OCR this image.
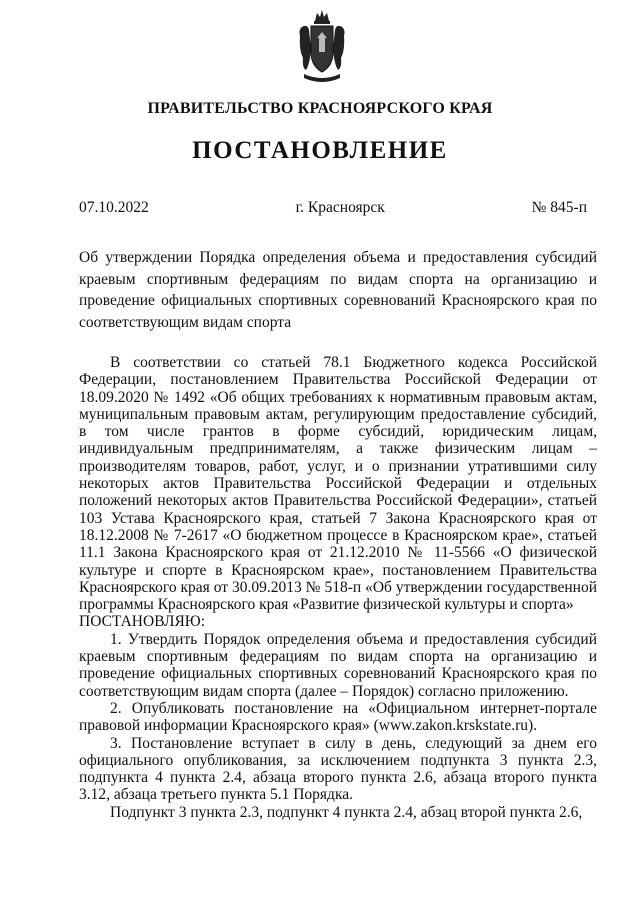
ПРАВИТЕЛЬСТВО КРАСНОЯРСКОГО КРАЯ
ПОСТАНОВЛЕНИЕ
07.10.2022	г. Красноярск	№ 845-п
Об утверждении Порядка определения объема и предоставления субсидий краевым спортивным федерациям по видам спорта на организацию и проведение официальных спортивных соревнований Красноярского края по соответствующим видам спорта

В соответствии со статьей 78.1 Бюджетного кодекса Российской Федерации, постановлением Правительства Российской Федерации от 18.09.2020 № 1492 «Об общих требованиях к нормативным правовым актам, муниципальным правовым актам, регулирующим предоставление субсидий, в том числе грантов в форме субсидий, юридическим лицам, индивидуальным предпринимателям, а также физическим лицам – производителям товаров, работ, услуг, и о признании утратившими силу некоторых актов Правительства Российской Федерации и отдельных положений некоторых актов Правительства Российской Федерации», статьей 103 Устава Красноярского края, статьей 7 Закона Красноярского края от 18.12.2008 № 7-2617 «О бюджетном процессе в Красноярском крае», статьей 11.1 Закона Красноярского края от 21.12.2010 № 11-5566 «О физической культуре и спорте в Красноярском крае», постановлением Правительства Красноярского края от 30.09.2013 № 518-п «Об утверждении государственной программы Красноярского края «Развитие физической культуры и спорта»

ПОСТАНОВЛЯЮ:

1. Утвердить Порядок определения объема и предоставления субсидий краевым спортивным федерациям по видам спорта на организацию и проведение официальных спортивных соревнований Красноярского края по соответствующим видам спорта (далее – Порядок) согласно приложению.

2. Опубликовать постановление на «Официальном интернет-портале правовой информации Красноярского края» (www.zakon.krskstate.ru).

3. Постановление вступает в силу в день, следующий за днем его официального опубликования, за исключением подпункта 3 пункта 2.3, подпункта 4 пункта 2.4, абзаца второго пункта 2.6, абзаца второго пункта 3.12, абзаца третьего пункта 5.1 Порядка.

Подпункт 3 пункта 2.3, подпункт 4 пункта 2.4, абзац второй пункта 2.6,
